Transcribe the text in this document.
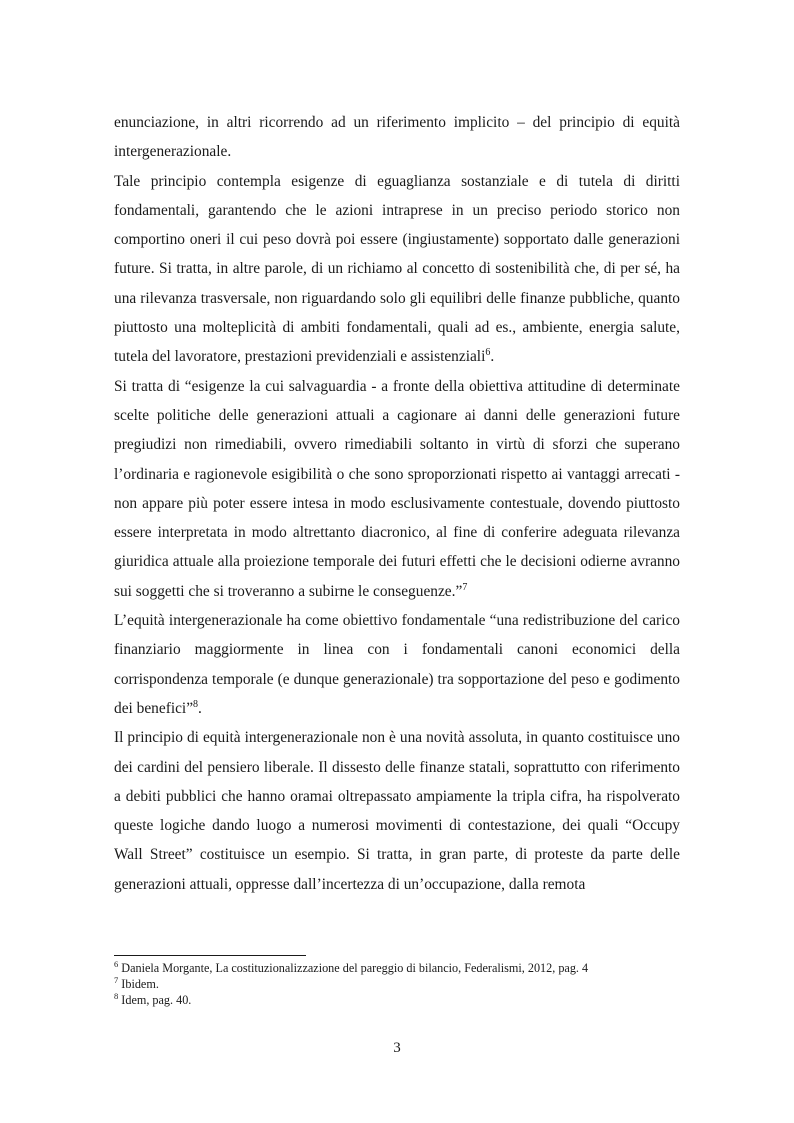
enunciazione, in altri ricorrendo ad un riferimento implicito – del principio di equità intergenerazionale.

Tale principio contempla esigenze di eguaglianza sostanziale e di tutela di diritti fondamentali, garantendo che le azioni intraprese in un preciso periodo storico non comportino oneri il cui peso dovrà poi essere (ingiustamente) sopportato dalle generazioni future. Si tratta, in altre parole, di un richiamo al concetto di sostenibilità che, di per sé, ha una rilevanza trasversale, non riguardando solo gli equilibri delle finanze pubbliche, quanto piuttosto una molteplicità di ambiti fondamentali, quali ad es., ambiente, energia salute, tutela del lavoratore, prestazioni previdenziali e assistenziali$^6$.

Si tratta di “esigenze la cui salvaguardia - a fronte della obiettiva attitudine di determinate scelte politiche delle generazioni attuali a cagionare ai danni delle generazioni future pregiudizi non rimediabili, ovvero rimediabili soltanto in virtù di sforzi che superano l’ordinaria e ragionevole esigibilità o che sono sproporzionati rispetto ai vantaggi arrecati - non appare più poter essere intesa in modo esclusivamente contestuale, dovendo piuttosto essere interpretata in modo altrettanto diacronico, al fine di conferire adeguata rilevanza giuridica attuale alla proiezione temporale dei futuri effetti che le decisioni odierne avranno sui soggetti che si troveranno a subirne le conseguenze.”$^7$

L’equità intergenerazionale ha come obiettivo fondamentale “una redistribuzione del carico finanziario maggiormente in linea con i fondamentali canoni economici della corrispondenza temporale (e dunque generazionale) tra sopportazione del peso e godimento dei benefici”$^8$.

Il principio di equità intergenerazionale non è una novità assoluta, in quanto costituisce uno dei cardini del pensiero liberale. Il dissesto delle finanze statali, soprattutto con riferimento a debiti pubblici che hanno oramai oltrepassato ampiamente la tripla cifra, ha rispolverato queste logiche dando luogo a numerosi movimenti di contestazione, dei quali “Occupy Wall Street” costituisce un esempio. Si tratta, in gran parte, di proteste da parte delle generazioni attuali, oppresse dall’incertezza di un’occupazione, dalla remota

$^6$ Daniela Morgante, La costituzionalizzazione del pareggio di bilancio, Federalismi, 2012, pag. 4
$^7$ Ibidem.
$^8$ Idem, pag. 40.
3
